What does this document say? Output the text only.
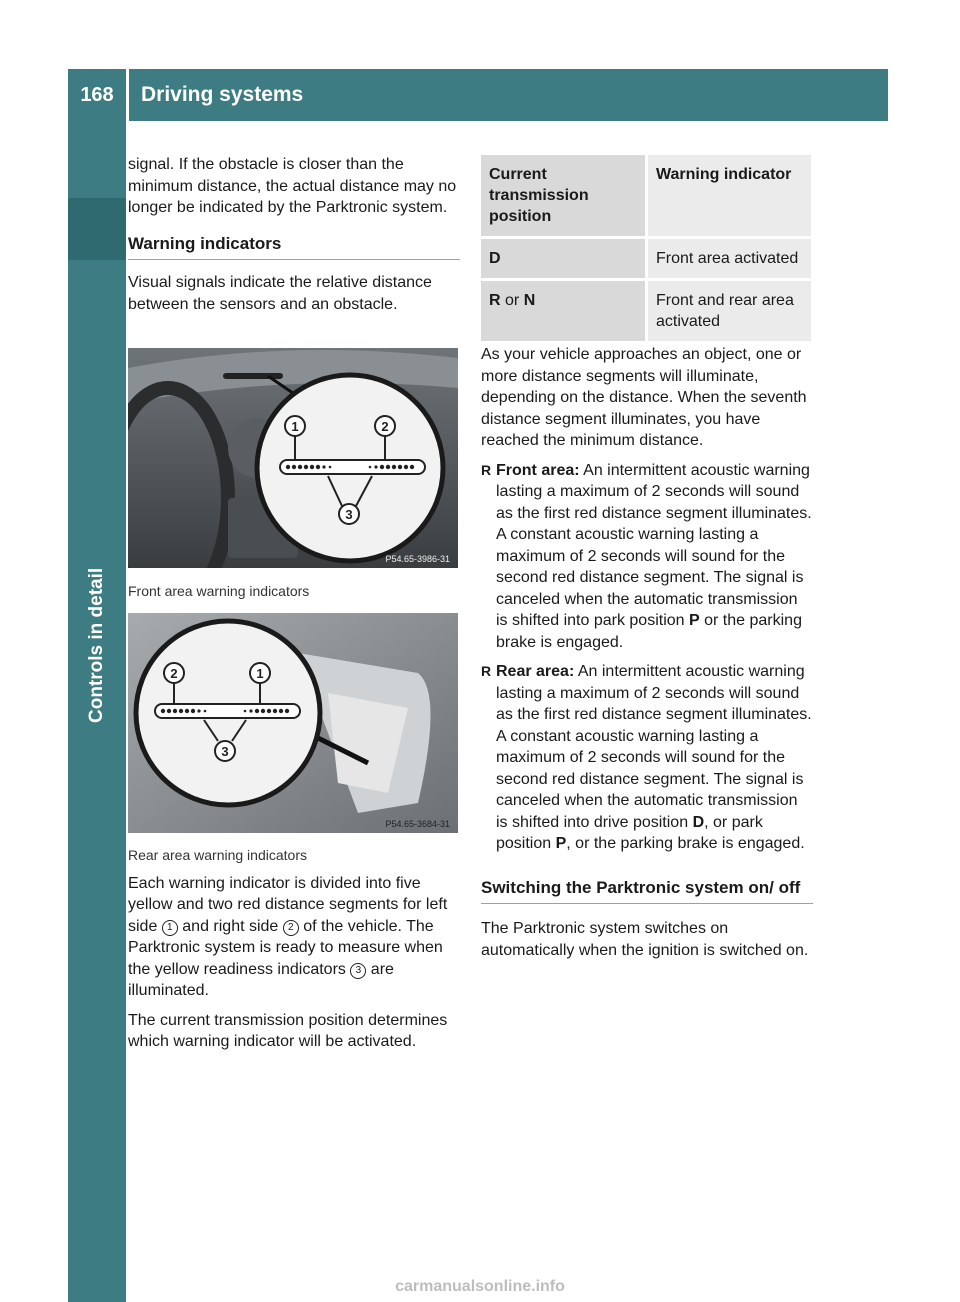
168	Driving systems
Controls in detail

signal. If the obstacle is closer than the minimum distance, the actual distance may no longer be indicated by the Parktronic system.

Warning indicators

Visual signals indicate the relative distance between the sensors and an obstacle.

1	2
3
P54.65-3986-31
Front area warning indicators
2	1
3
P54.65-3684-31

Rear area warning indicators

Each warning indicator is divided into five yellow and two red distance segments for left side 1 and right side 2 of the vehicle. The Parktronic system is ready to measure when the yellow readiness indicators 3 are illuminated.

The current transmission position determines which warning indicator will be activated.

Current transmission position	Warning indicator
D	Front area activated
R or N	Front and rear area activated

As your vehicle approaches an object, one or more distance segments will illuminate, depending on the distance. When the seventh distance segment illuminates, you have reached the minimum distance.

R Front area: An intermittent acoustic warning lasting a maximum of 2 seconds will sound as the first red distance segment illuminates. A constant acoustic warning lasting a maximum of 2 seconds will sound for the second red distance segment. The signal is canceled when the automatic transmission is shifted into park position P or the parking brake is engaged.
R Rear area: An intermittent acoustic warning lasting a maximum of 2 seconds will sound as the first red distance segment illuminates. A constant acoustic warning lasting a maximum of 2 seconds will sound for the second red distance segment. The signal is canceled when the automatic transmission is shifted into drive position D, or park position P, or the parking brake is engaged.
Switching the Parktronic system on/ off

The Parktronic system switches on automatically when the ignition is switched on.

carmanualsonline.info
